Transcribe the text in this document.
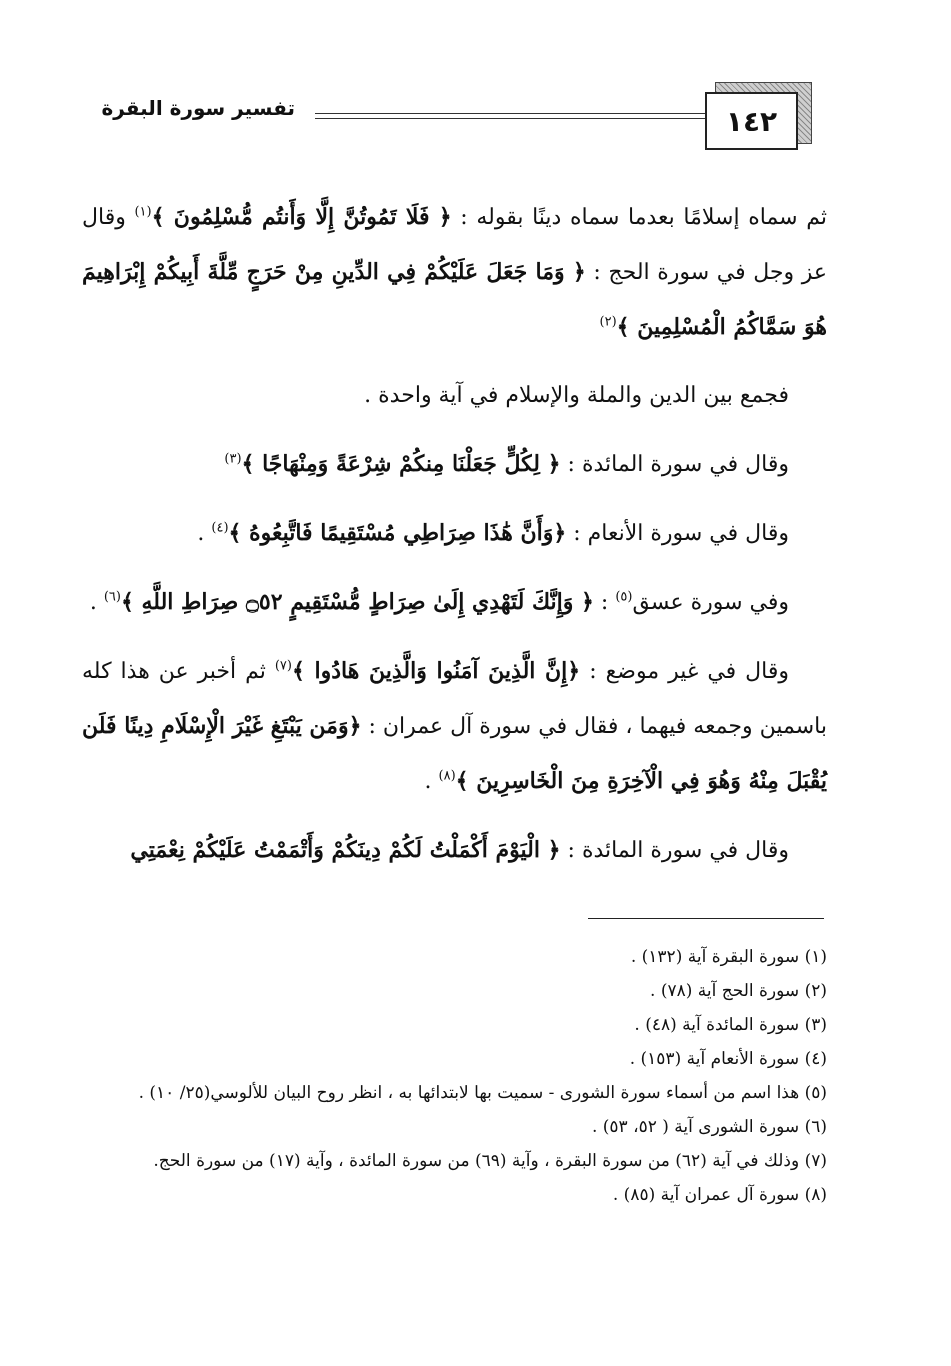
١٤٢
تفسير سورة البقرة

ثم سماه إسلامًا بعدما سماه دينًا بقوله : ﴿ فَلَا تَمُوتُنَّ إِلَّا وَأَنتُم مُّسْلِمُونَ ﴾$^{(١)}$ وقال عز وجل في سورة الحج : ﴿ وَمَا جَعَلَ عَلَيْكُمْ فِي الدِّينِ مِنْ حَرَجٍ مِّلَّةَ أَبِيكُمْ إِبْرَاهِيمَ هُوَ سَمَّاكُمُ الْمُسْلِمِينَ ﴾$^{(٢)}$

فجمع بين الدين والملة والإسلام في آية واحدة .

وقال في سورة المائدة : ﴿ لِكُلٍّ جَعَلْنَا مِنكُمْ شِرْعَةً وَمِنْهَاجًا ﴾$^{(٣)}$

وقال في سورة الأنعام : ﴿وَأَنَّ هَٰذَا صِرَاطِي مُسْتَقِيمًا فَاتَّبِعُوهُ ﴾$^{(٤)}$ .

وفي سورة عسق$^{(٥)}$ : ﴿ وَإِنَّكَ لَتَهْدِي إِلَىٰ صِرَاطٍ مُّسْتَقِيمٍ ۝٥٢ صِرَاطِ اللَّهِ ﴾$^{(٦)}$ .

وقال في غير موضع : ﴿إِنَّ الَّذِينَ آمَنُوا وَالَّذِينَ هَادُوا ﴾$^{(٧)}$ ثم أخبر عن هذا كله باسمين وجمعه فيهما ، فقال في سورة آل عمران : ﴿وَمَن يَبْتَغِ غَيْرَ الْإِسْلَامِ دِينًا فَلَن يُقْبَلَ مِنْهُ وَهُوَ فِي الْآخِرَةِ مِنَ الْخَاسِرِينَ ﴾$^{(٨)}$ .

وقال في سورة المائدة : ﴿ الْيَوْمَ أَكْمَلْتُ لَكُمْ دِينَكُمْ وَأَتْمَمْتُ عَلَيْكُمْ نِعْمَتِي

(١) سورة البقرة آية (١٣٢) .

(٢) سورة الحج آية (٧٨) .

(٣) سورة المائدة آية (٤٨) .

(٤) سورة الأنعام آية (١٥٣) .

(٥) هذا اسم من أسماء سورة الشورى - سميت بها لابتدائها به ، انظر روح البيان للألوسي(٢٥/ ١٠) .

(٦) سورة الشورى آية ( ٥٢، ٥٣) .

(٧) وذلك في آية (٦٢) من سورة البقرة ، وآية (٦٩) من سورة المائدة ، وآية (١٧) من سورة الحج.

(٨) سورة آل عمران آية (٨٥) .
